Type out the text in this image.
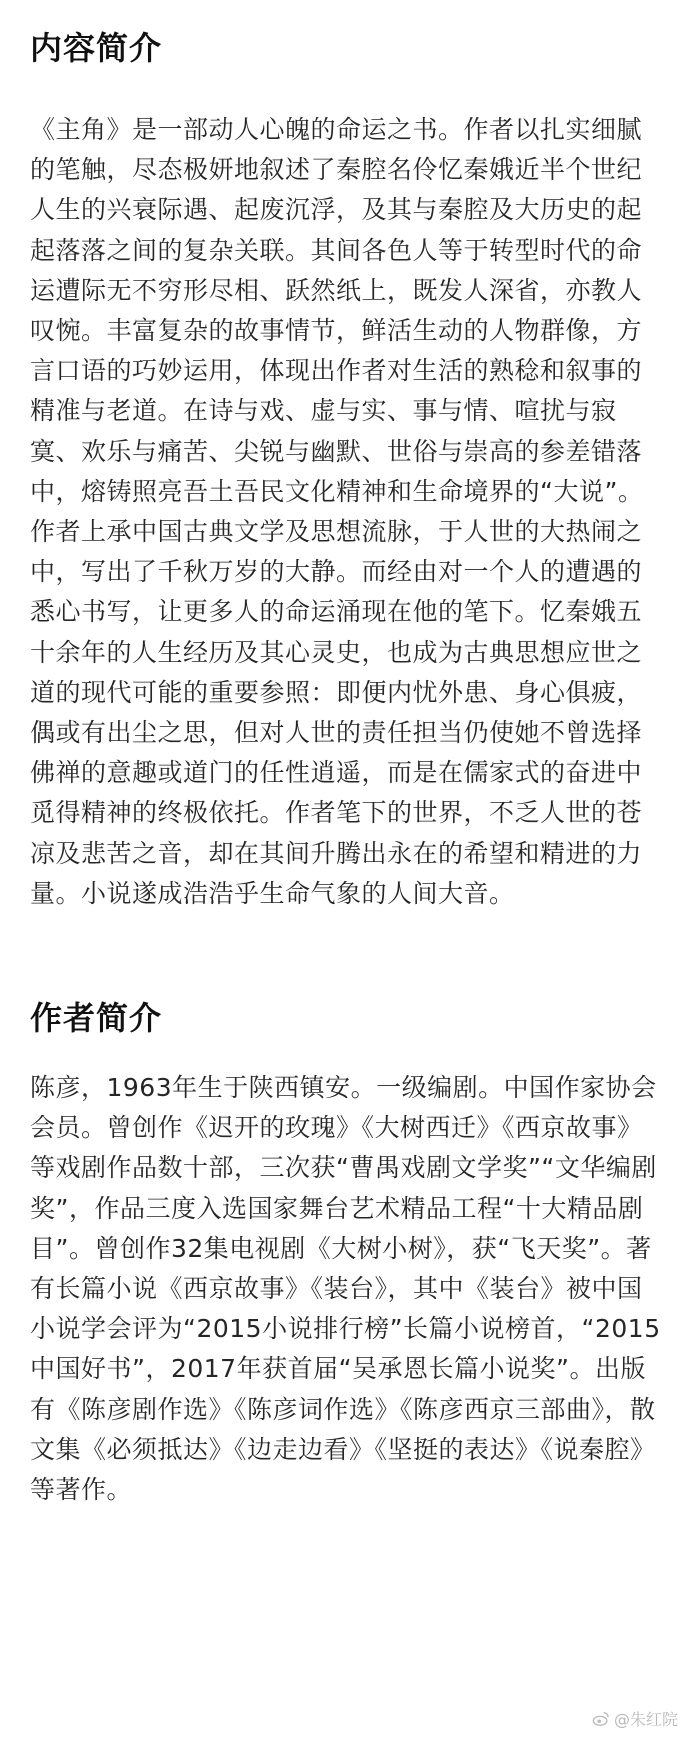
内容简介

《主角》是一部动人心魄的命运之书。作者以扎实细腻的笔触，尽态极妍地叙述了秦腔名伶忆秦娥近半个世纪人生的兴衰际遇、起废沉浮，及其与秦腔及大历史的起起落落之间的复杂关联。其间各色人等于转型时代的命运遭际无不穷形尽相、跃然纸上，既发人深省，亦教人叹惋。丰富复杂的故事情节，鲜活生动的人物群像，方言口语的巧妙运用，体现出作者对生活的熟稔和叙事的精准与老道。在诗与戏、虚与实、事与情、喧扰与寂寞、欢乐与痛苦、尖锐与幽默、世俗与崇高的参差错落中，熔铸照亮吾土吾民文化精神和生命境界的“大说”。作者上承中国古典文学及思想流脉，于人世的大热闹之中，写出了千秋万岁的大静。而经由对一个人的遭遇的悉心书写，让更多人的命运涌现在他的笔下。忆秦娥五十余年的人生经历及其心灵史，也成为古典思想应世之道的现代可能的重要参照：即便内忧外患、身心俱疲，偶或有出尘之思，但对人世的责任担当仍使她不曾选择佛禅的意趣或道门的任性逍遥，而是在儒家式的奋进中觅得精神的终极依托。作者笔下的世界，不乏人世的苍凉及悲苦之音，却在其间升腾出永在的希望和精进的力量。小说遂成浩浩乎生命气象的人间大音。

作者简介

陈彦，1963年生于陕西镇安。一级编剧。中国作家协会会员。曾创作《迟开的玫瑰》《大树西迁》《西京故事》等戏剧作品数十部，三次获“曹禺戏剧文学奖”“文华编剧奖”，作品三度入选国家舞台艺术精品工程“十大精品剧目”。曾创作32集电视剧《大树小树》，获“飞天奖”。著有长篇小说《西京故事》《装台》，其中《装台》被中国小说学会评为“2015小说排行榜”长篇小说榜首，“2015中国好书”，2017年获首届“吴承恩长篇小说奖”。出版有《陈彦剧作选》《陈彦词作选》《陈彦西京三部曲》，散文集《必须抵达》《边走边看》《坚挺的表达》《说秦腔》等著作。

@朱红院
